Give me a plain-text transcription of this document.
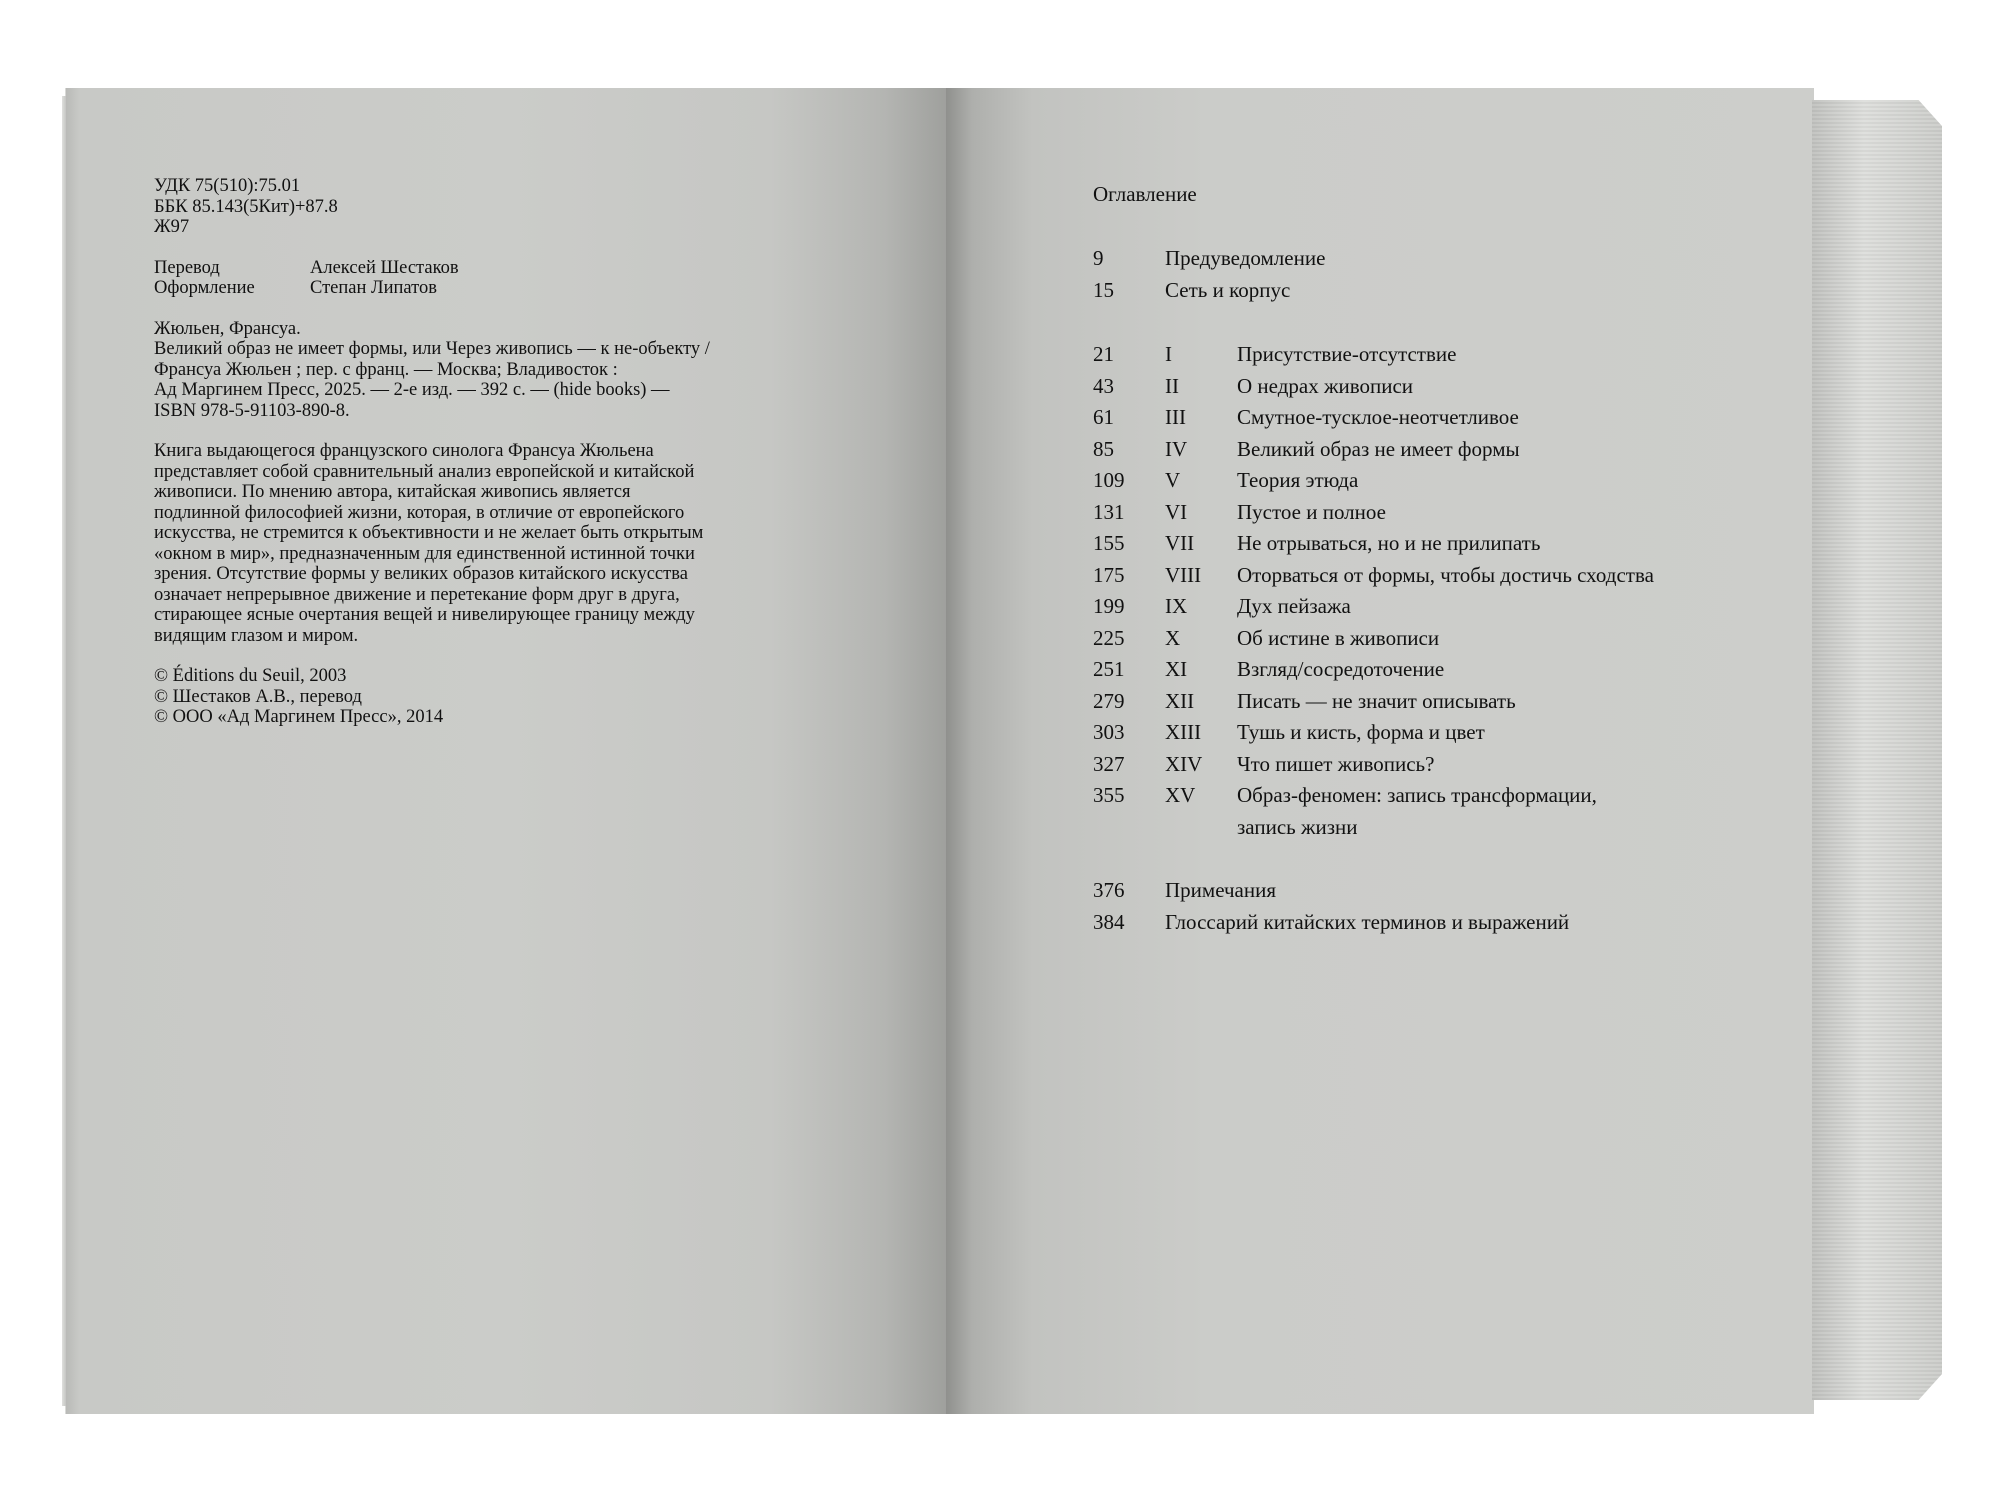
УДК 75(510):75.01
ББК 85.143(5Кит)+87.8
Ж97
Перевод	Алексей Шестаков
Оформление	Степан Липатов
Жюльен, Франсуа.
Великий образ не имеет формы, или Через живопись — к не-объекту /
Франсуа Жюльен ; пер. с франц. — Москва; Владивосток :
Ад Маргинем Пресс, 2025. — 2-е изд. — 392 с. — (hide books) —
ISBN 978-5-91103-890-8.
Книга выдающегося французского синолога Франсуа Жюльена
представляет собой сравнительный анализ европейской и китайской
живописи. По мнению автора, китайская живопись является
подлинной философией жизни, которая, в отличие от европейского
искусства, не стремится к объективности и не желает быть открытым
«окном в мир», предназначенным для единственной истинной точки
зрения. Отсутствие формы у великих образов китайского искусства
означает непрерывное движение и перетекание форм друг в друга,
стирающее ясные очертания вещей и нивелирующее границу между
видящим глазом и миром.
© Éditions du Seuil, 2003
© Шестаков А.В., перевод
© ООО «Ад Маргинем Пресс», 2014
Оглавление
9	Предуведомление
15 Сеть и корпус
21 I	Присутствие-отсутствие
43 II	О недрах живописи
61 III Смутное-тусклое-неотчетливое
85 IV Великий образ не имеет формы
109 V	Теория этюда
131 VI Пустое и полное
155 VII Не отрываться, но и не прилипать
175 VIII Оторваться от формы, чтобы достичь сходства
199 IX Дух пейзажа
225 X	Об истине в живописи
251 XI Взгляд/сосредоточение
279 XII Писать — не значит описывать
303 XIII Тушь и кисть, форма и цвет
327 XIV Что пишет живопись?
355 XV Образ-феномен: запись трансформации,
запись жизни
376 Примечания
384 Глоссарий китайских терминов и выражений
